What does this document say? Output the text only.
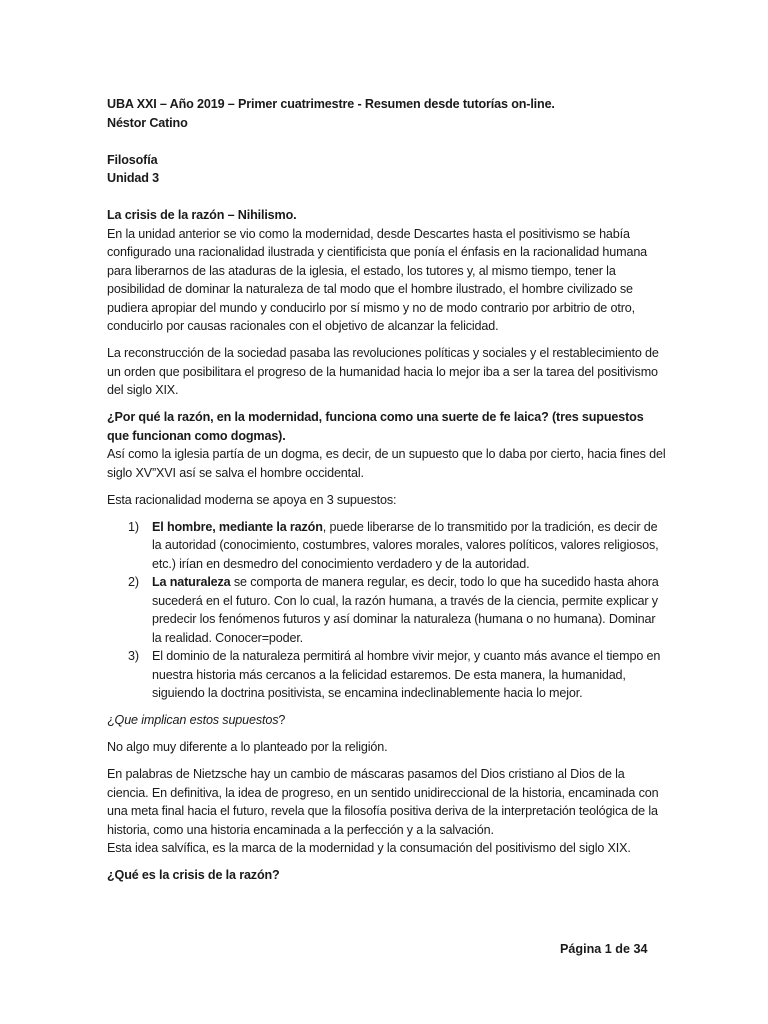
UBA XXI – Año 2019 – Primer cuatrimestre - Resumen desde tutorías on-line.

Néstor Catino

Filosofía

Unidad 3

La crisis de la razón – Nihilismo.

En la unidad anterior se vio como la modernidad, desde Descartes hasta el positivismo se había configurado una racionalidad ilustrada y cientificista que ponía el énfasis en la racionalidad humana para liberarnos de las ataduras de la iglesia, el estado, los tutores y, al mismo tiempo, tener la posibilidad de dominar la naturaleza de tal modo que el hombre ilustrado, el hombre civilizado se pudiera apropiar del mundo y conducirlo por sí mismo y no de modo contrario por arbitrio de otro, conducirlo por causas racionales con el objetivo de alcanzar la felicidad.

La reconstrucción de la sociedad pasaba las revoluciones políticas y sociales y el restablecimiento de un orden que posibilitara el progreso de la humanidad hacia lo mejor iba a ser la tarea del positivismo del siglo XIX.

¿Por qué la razón, en la modernidad, funciona como una suerte de fe laica? (tres supuestos que funcionan como dogmas).

Así como la iglesia partía de un dogma, es decir, de un supuesto que lo daba por cierto, hacia fines del siglo XV”XVI así se salva el hombre occidental.

Esta racionalidad moderna se apoya en 3 supuestos:

1) El hombre, mediante la razón, puede liberarse de lo transmitido por la tradición, es decir de la autoridad (conocimiento, costumbres, valores morales, valores políticos, valores religiosos, etc.) irían en desmedro del conocimiento verdadero y de la autoridad.
2) La naturaleza se comporta de manera regular, es decir, todo lo que ha sucedido hasta ahora sucederá en el futuro. Con lo cual, la razón humana, a través de la ciencia, permite explicar y predecir los fenómenos futuros y así dominar la naturaleza (humana o no humana). Dominar la realidad. Conocer=poder.
3) El dominio de la naturaleza permitirá al hombre vivir mejor, y cuanto más avance el tiempo en nuestra historia más cercanos a la felicidad estaremos. De esta manera, la humanidad, siguiendo la doctrina positivista, se encamina indeclinablemente hacia lo mejor.

¿Que implican estos supuestos?

No algo muy diferente a lo planteado por la religión.

En palabras de Nietzsche hay un cambio de máscaras pasamos del Dios cristiano al Dios de la ciencia. En definitiva, la idea de progreso, en un sentido unidireccional de la historia, encaminada con una meta final hacia el futuro, revela que la filosofía positiva deriva de la interpretación teológica de la historia, como una historia encaminada a la perfección y a la salvación.

Esta idea salvífica, es la marca de la modernidad y la consumación del positivismo del siglo XIX.

¿Qué es la crisis de la razón?

Página 1 de 34
